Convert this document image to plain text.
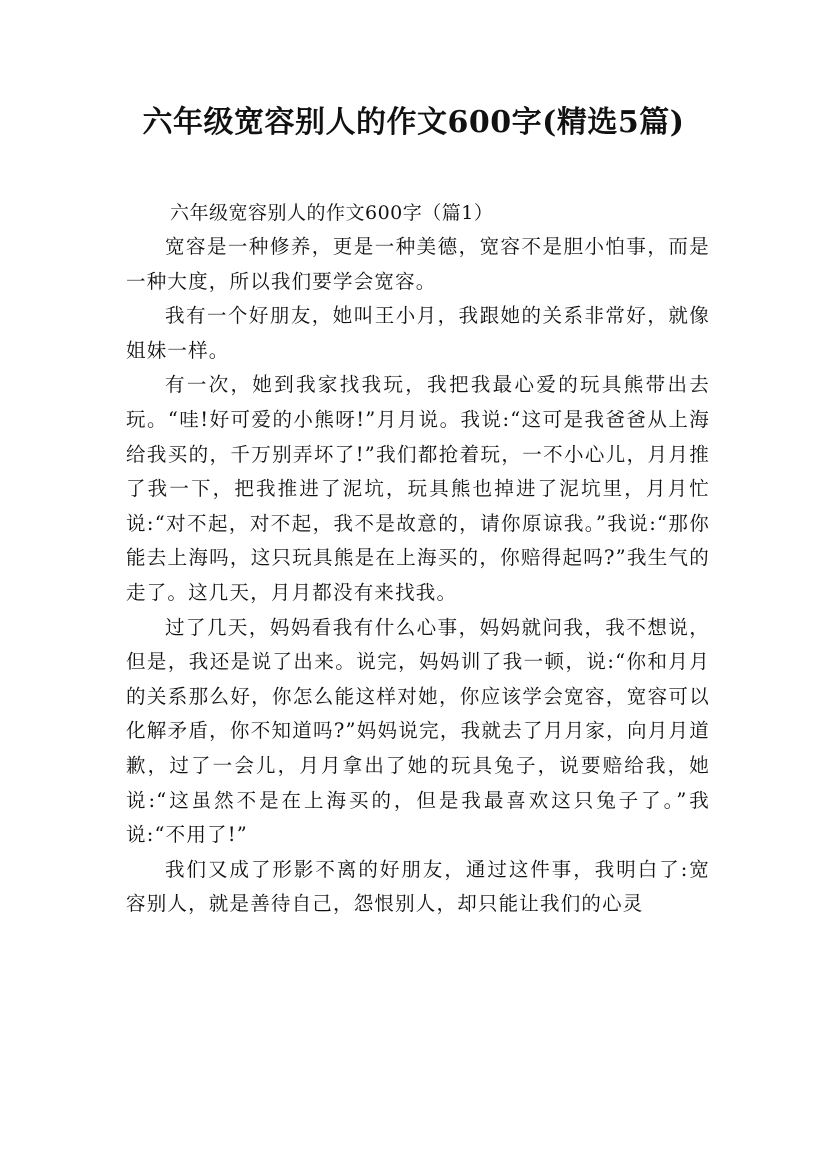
六年级宽容别人的作文600字(精选5篇)

六年级宽容别人的作文600字（篇1）

宽容是一种修养，更是一种美德，宽容不是胆小怕事，而是一种大度，所以我们要学会宽容。

我有一个好朋友，她叫王小月，我跟她的关系非常好，就像姐妹一样。

有一次，她到我家找我玩，我把我最心爱的玩具熊带出去玩。“哇!好可爱的小熊呀!”月月说。我说:“这可是我爸爸从上海给我买的，千万别弄坏了!”我们都抢着玩，一不小心儿，月月推了我一下，把我推进了泥坑，玩具熊也掉进了泥坑里，月月忙说:“对不起，对不起，我不是故意的，请你原谅我。”我说:“那你能去上海吗，这只玩具熊是在上海买的，你赔得起吗?”我生气的走了。这几天，月月都没有来找我。

过了几天，妈妈看我有什么心事，妈妈就问我，我不想说，但是，我还是说了出来。说完，妈妈训了我一顿，说:“你和月月的关系那么好，你怎么能这样对她，你应该学会宽容，宽容可以化解矛盾，你不知道吗?”妈妈说完，我就去了月月家，向月月道歉，过了一会儿，月月拿出了她的玩具兔子，说要赔给我，她说:“这虽然不是在上海买的，但是我最喜欢这只兔子了。”我说:“不用了!”

我们又成了形影不离的好朋友，通过这件事，我明白了:宽容别人，就是善待自己，怨恨别人，却只能让我们的心灵
